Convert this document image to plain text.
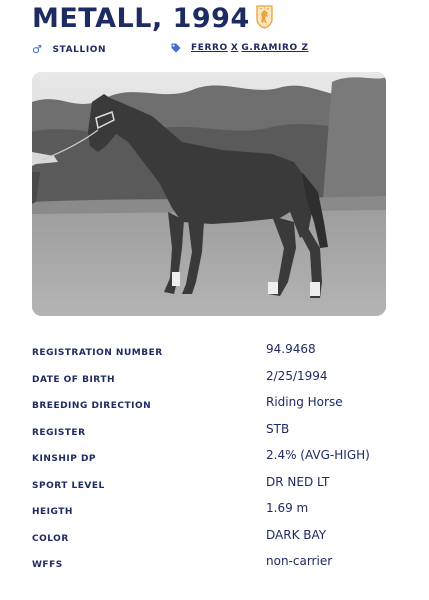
METALL, 1994
♂ STALLION	FERRO X G.RAMIRO Z
REGISTRATION NUMBER	94.9468
DATE OF BIRTH	2/25/1994
BREEDING DIRECTION	Riding Horse
REGISTER	STB
KINSHIP DP	2.4% (AVG-HIGH)
SPORT LEVEL	DR NED LT
HEIGTH	1.69 m
COLOR	DARK BAY
WFFS	non-carrier
